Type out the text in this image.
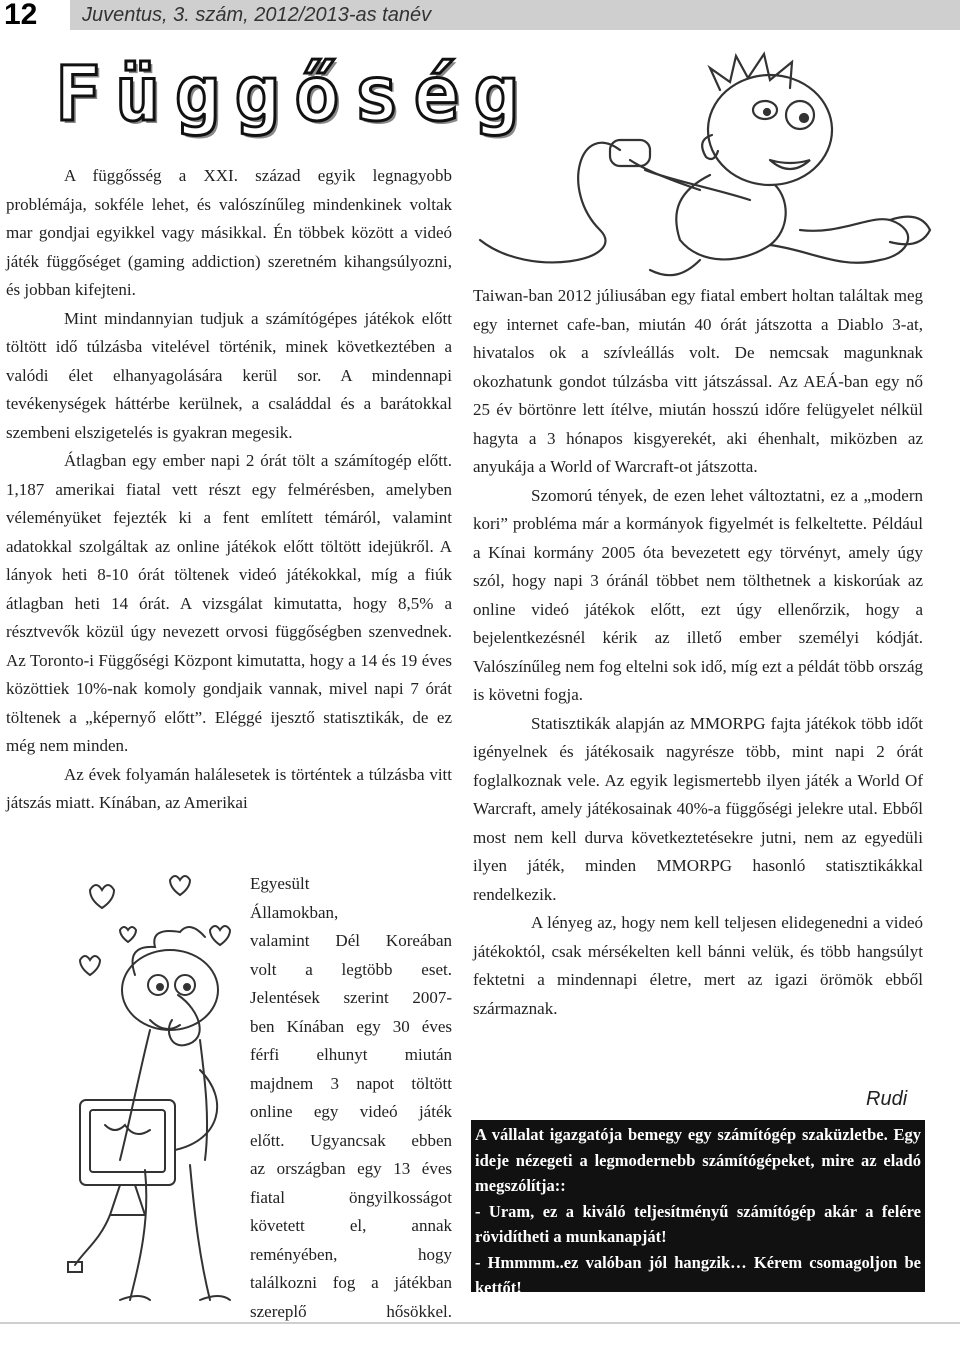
12	Juventus, 3. szám, 2012/2013-as tanév
Függőség

A függősség a XXI. század egyik legnagyobb problémája, sokféle lehet, és valószínűleg mindenkinek voltak mar gondjai egyikkel vagy másikkal. Én többek között a videó játék függőséget (gaming addiction) szeretném kihangsúlyozni, és jobban kifejteni.

Mint mindannyian tudjuk a számítógépes játékok előtt töltött idő túlzásba vitelével történik, minek következtében a valódi élet elhanyagolására kerül sor. A mindennapi tevékenységek háttérbe kerülnek, a családdal és a barátokkal szembeni elszigetelés is gyakran megesik.

Átlagban egy ember napi 2 órát tölt a számítogép előtt. 1,187 amerikai fiatal vett részt egy felmérésben, amelyben véleményüket fejezték ki a fent említett témáról, valamint adatokkal szolgáltak az online játékok előtt töltött idejükről. A lányok heti 8-10 órát töltenek videó játékokkal, míg a fiúk átlagban heti 14 órát. A vizsgálat kimutatta, hogy 8,5% a résztvevők közül úgy nevezett orvosi függőségben szenvednek. Az Toronto-i Függőségi Központ kimutatta, hogy a 14 és 19 éves közöttiek 10%-nak komoly gondjaik vannak, mivel napi 7 órát töltenek a „képernyő előtt”. Eléggé ijesztő statisztikák, de ez még nem minden.

Az évek folyamán halálesetek is történtek a túlzásba vitt játszás miatt. Kínában, az Amerikai

Egyesült

Államokban,

valamint Dél Koreában

volt a legtöbb eset.

Jelentések szerint 2007-

ben Kínában egy 30 éves

férfi elhunyt miután

majdnem 3 napot töltött

online egy videó játék

előtt. Ugyancsak ebben

az országban egy 13 éves

fiatal öngyilkosságot

követett el, annak

reményében, hogy

találkozni fog a játékban

szereplő hősökkel.

Taiwan-ban 2012 júliusában egy fiatal embert holtan találtak meg egy internet cafe-ban, miután 40 órát játszotta a Diablo 3-at, hivatalos ok a szívleállás volt. De nemcsak magunknak okozhatunk gondot túlzásba vitt játszással. Az AEÁ-ban egy nő 25 év börtönre lett ítélve, miután hosszú időre felügyelet nélkül hagyta a 3 hónapos kisgyerekét, aki éhenhalt, miközben az anyukája a World of Warcraft-ot játszotta.

Szomorú tények, de ezen lehet változtatni, ez a „modern kori” probléma már a kormányok figyelmét is felkeltette. Például a Kínai kormány 2005 óta bevezetett egy törvényt, amely úgy szól, hogy napi 3 óránál többet nem tölthetnek a kiskorúak az online videó játékok előtt, ezt úgy ellenőrzik, hogy a bejelentkezésnél kérik az illető ember személyi kódját. Valószínűleg nem fog eltelni sok idő, míg ezt a példát több ország is követni fogja.

Statisztikák alapján az MMORPG fajta játékok több időt igényelnek és játékosaik nagyrésze több, mint napi 2 órát foglalkoznak vele. Az egyik legismertebb ilyen játék a World Of Warcraft, amely játékosainak 40%-a függőségi jelekre utal. Ebből most nem kell durva következtetésekre jutni, nem az egyedüli ilyen játék, minden MMORPG hasonló statisztikákkal rendelkezik.

A lényeg az, hogy nem kell teljesen elidegenedni a videó játékoktól, csak mérsékelten kell bánni velük, és több hangsúlyt fektetni a mindennapi életre, mert az igazi örömök ebből származnak.

Rudi

A vállalat igazgatója bemegy egy számítógép szaküzletbe. Egy ideje nézegeti a legmodernebb számítógépeket, mire az eladó megszólítja::

- Uram, ez a kiváló teljesítményű számítógép akár a felére rövidítheti a munkanapját!

- Hmmmm..ez valóban jól hangzik… Kérem csomagoljon be kettőt!
